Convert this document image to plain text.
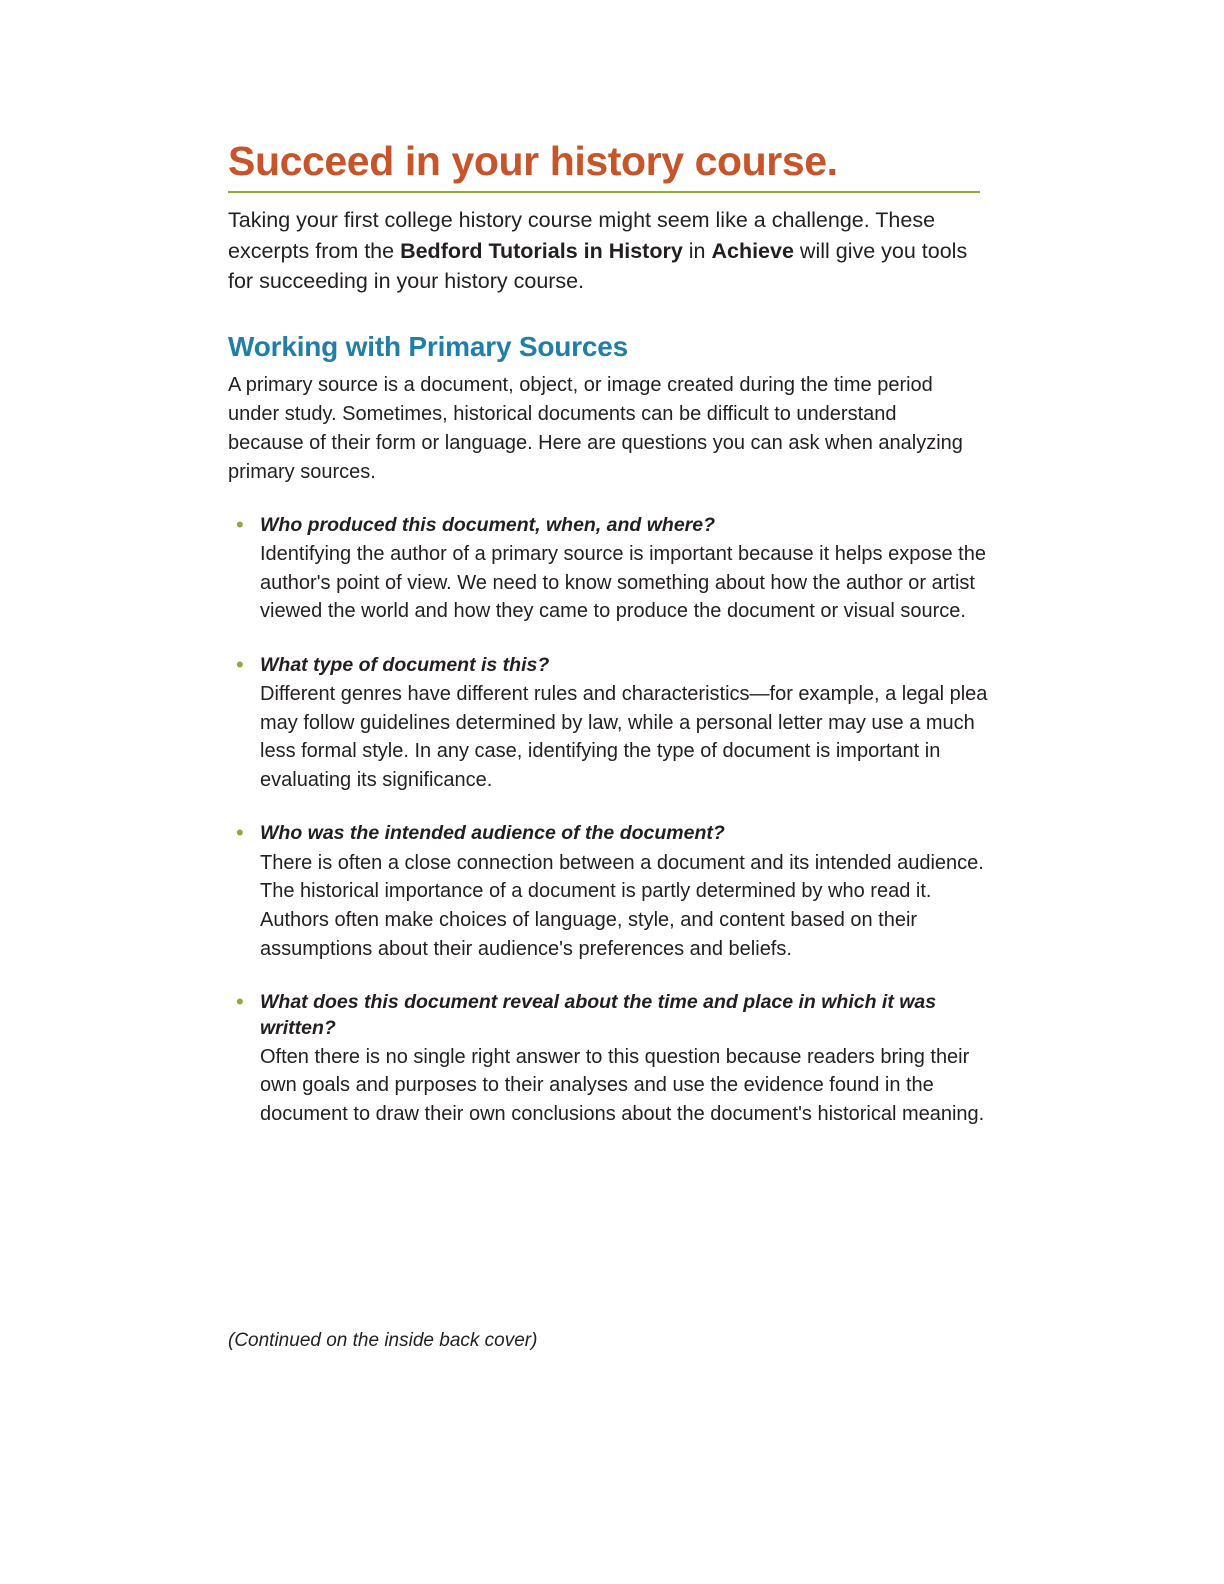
Succeed in your history course.

Taking your first college history course might seem like a challenge. These excerpts from the Bedford Tutorials in History in Achieve will give you tools for succeeding in your history course.

Working with Primary Sources

A primary source is a document, object, or image created during the time period under study. Sometimes, historical documents can be difficult to understand because of their form or language. Here are questions you can ask when analyzing primary sources.

• Who produced this document, when, and where?
Identifying the author of a primary source is important because it helps expose the author's point of view. We need to know something about how the author or artist viewed the world and how they came to produce the document or visual source.
• What type of document is this?
Different genres have different rules and characteristics—for example, a legal plea may follow guidelines determined by law, while a personal letter may use a much less formal style. In any case, identifying the type of document is important in evaluating its significance.
• Who was the intended audience of the document?
There is often a close connection between a document and its intended audience. The historical importance of a document is partly determined by who read it. Authors often make choices of language, style, and content based on their assumptions about their audience's preferences and beliefs.
• What does this document reveal about the time and place in which it was written?
Often there is no single right answer to this question because readers bring their own goals and purposes to their analyses and use the evidence found in the document to draw their own conclusions about the document's historical meaning.
(Continued on the inside back cover)
